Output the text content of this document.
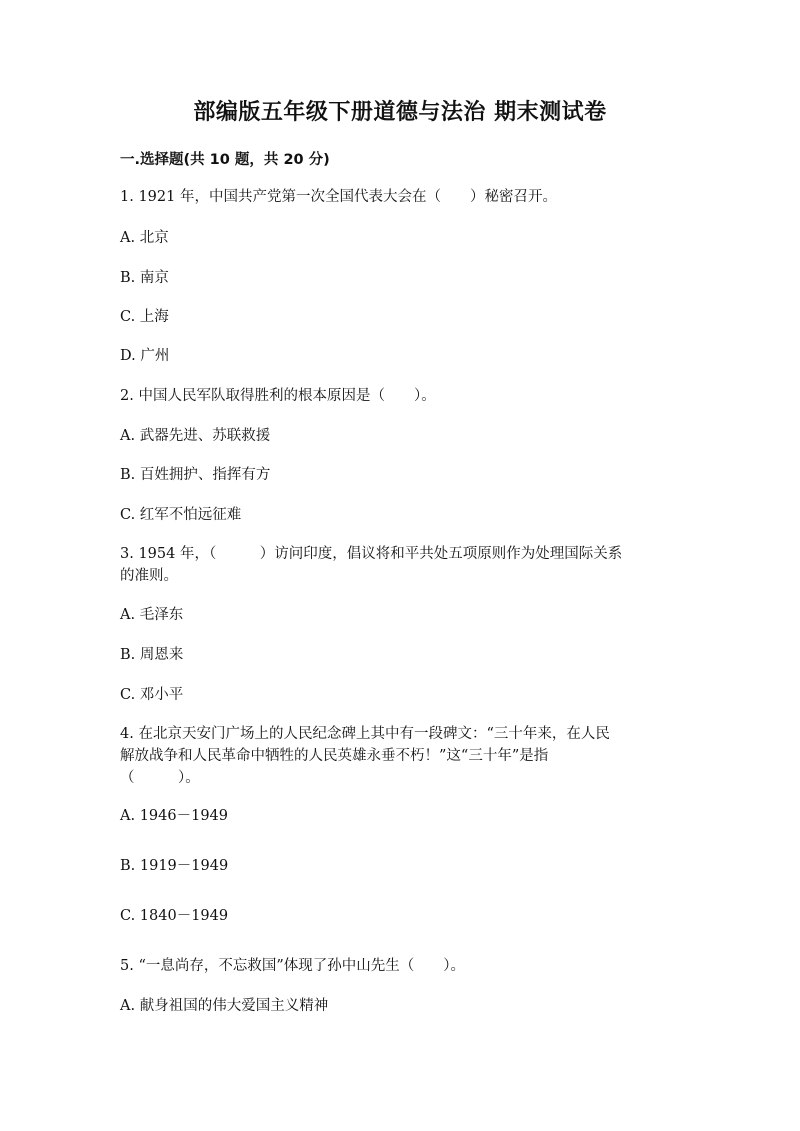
部编版五年级下册道德与法治 期末测试卷
一.选择题(共 10 题，共 20 分)
1. 1921 年，中国共产党第一次全国代表大会在（　　）秘密召开。
A. 北京
B. 南京
C. 上海
D. 广州
2. 中国人民军队取得胜利的根本原因是（　　）。
A. 武器先进、苏联救援
B. 百姓拥护、指挥有方
C. 红军不怕远征难
3. 1954 年，（　　　）访问印度，倡议将和平共处五项原则作为处理国际关系
的准则。
A. 毛泽东
B. 周恩来
C. 邓小平
4. 在北京天安门广场上的人民纪念碑上其中有一段碑文：“三十年来，在人民
解放战争和人民革命中牺牲的人民英雄永垂不朽！”这“三十年”是指
（　　　）。
A. 1946－1949
B. 1919－1949
C. 1840－1949
5. “一息尚存，不忘救国”体现了孙中山先生（　　）。
A. 献身祖国的伟大爱国主义精神
